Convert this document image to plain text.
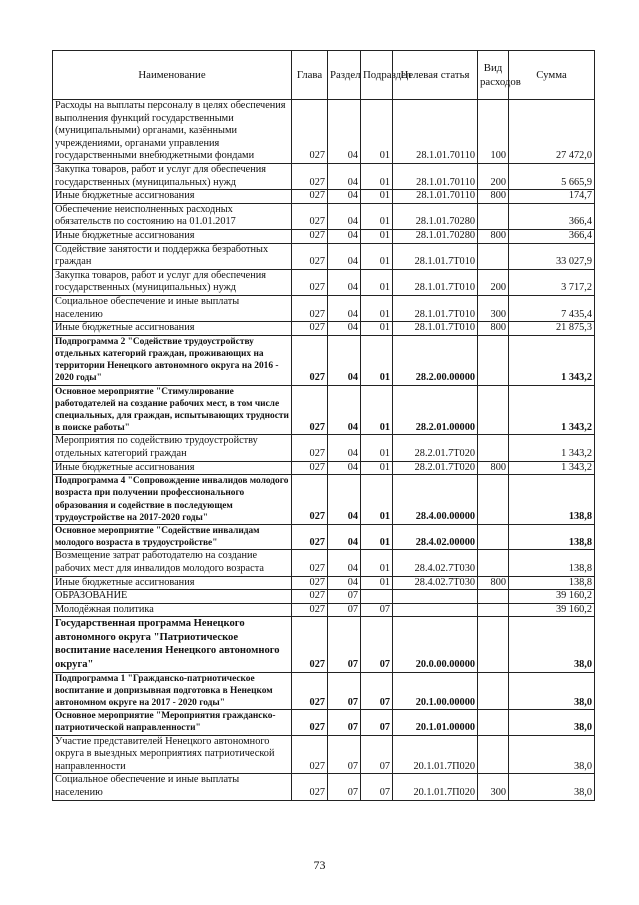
Наименование	Глава	Раздел	Подраздел	Целевая статья	Вид расходов	Сумма
Расходы на выплаты персоналу в целях обеспечения выполнения функций государственными (муниципальными) органами, казёнными учреждениями, органами управления государственными внебюджетными фондами	027	04	01	28.1.01.70110	100	27 472,0
Закупка товаров, работ и услуг для обеспечения государственных (муниципальных) нужд	027	04	01	28.1.01.70110	200	5 665,9
Иные бюджетные ассигнования	027	04	01	28.1.01.70110	800	174,7
Обеспечение неисполненных расходных обязательств по состоянию на 01.01.2017	027	04	01	28.1.01.70280		366,4
Иные бюджетные ассигнования	027	04	01	28.1.01.70280	800	366,4
Содействие занятости и поддержка безработных граждан	027	04	01	28.1.01.7Т010		33 027,9
Закупка товаров, работ и услуг для обеспечения государственных (муниципальных) нужд	027	04	01	28.1.01.7Т010	200	3 717,2
Социальное обеспечение и иные выплаты населению	027	04	01	28.1.01.7Т010	300	7 435,4
Иные бюджетные ассигнования	027	04	01	28.1.01.7Т010	800	21 875,3
Подпрограмма 2 "Содействие трудоустройству отдельных категорий граждан, проживающих на территории Ненецкого автономного округа на 2016 - 2020 годы"	027	04	01	28.2.00.00000		1 343,2
Основное мероприятие "Стимулирование работодателей на создание рабочих мест, в том числе специальных, для граждан, испытывающих трудности в поиске работы"	027	04	01	28.2.01.00000		1 343,2
Мероприятия по содействию трудоустройству отдельных категорий граждан	027	04	01	28.2.01.7Т020		1 343,2
Иные бюджетные ассигнования	027	04	01	28.2.01.7Т020	800	1 343,2
Подпрограмма 4 "Сопровождение инвалидов молодого возраста при получении профессионального образования и содействие в последующем трудоустройстве на 2017-2020 годы"	027	04	01	28.4.00.00000		138,8
Основное мероприятие "Содействие инвалидам молодого возраста в трудоустройстве"	027	04	01	28.4.02.00000		138,8
Возмещение затрат работодателю на создание рабочих мест для инвалидов молодого возраста	027	04	01	28.4.02.7Т030		138,8
Иные бюджетные ассигнования	027	04	01	28.4.02.7Т030	800	138,8
ОБРАЗОВАНИЕ	027	07				39 160,2
Молодёжная политика	027	07	07			39 160,2
Государственная программа Ненецкого автономного округа "Патриотическое воспитание населения Ненецкого автономного округа"	027	07	07	20.0.00.00000		38,0
Подпрограмма 1 "Гражданско-патриотическое воспитание и допризывная подготовка в Ненецком автономном округе на 2017 - 2020 годы"	027	07	07	20.1.00.00000		38,0
Основное мероприятие "Мероприятия гражданско-патриотической направленности"	027	07	07	20.1.01.00000		38,0
Участие представителей Ненецкого автономного округа в выездных мероприятиях патриотической направленности	027	07	07	20.1.01.7П020		38,0
Социальное обеспечение и иные выплаты населению	027	07	07	20.1.01.7П020	300	38,0
73
